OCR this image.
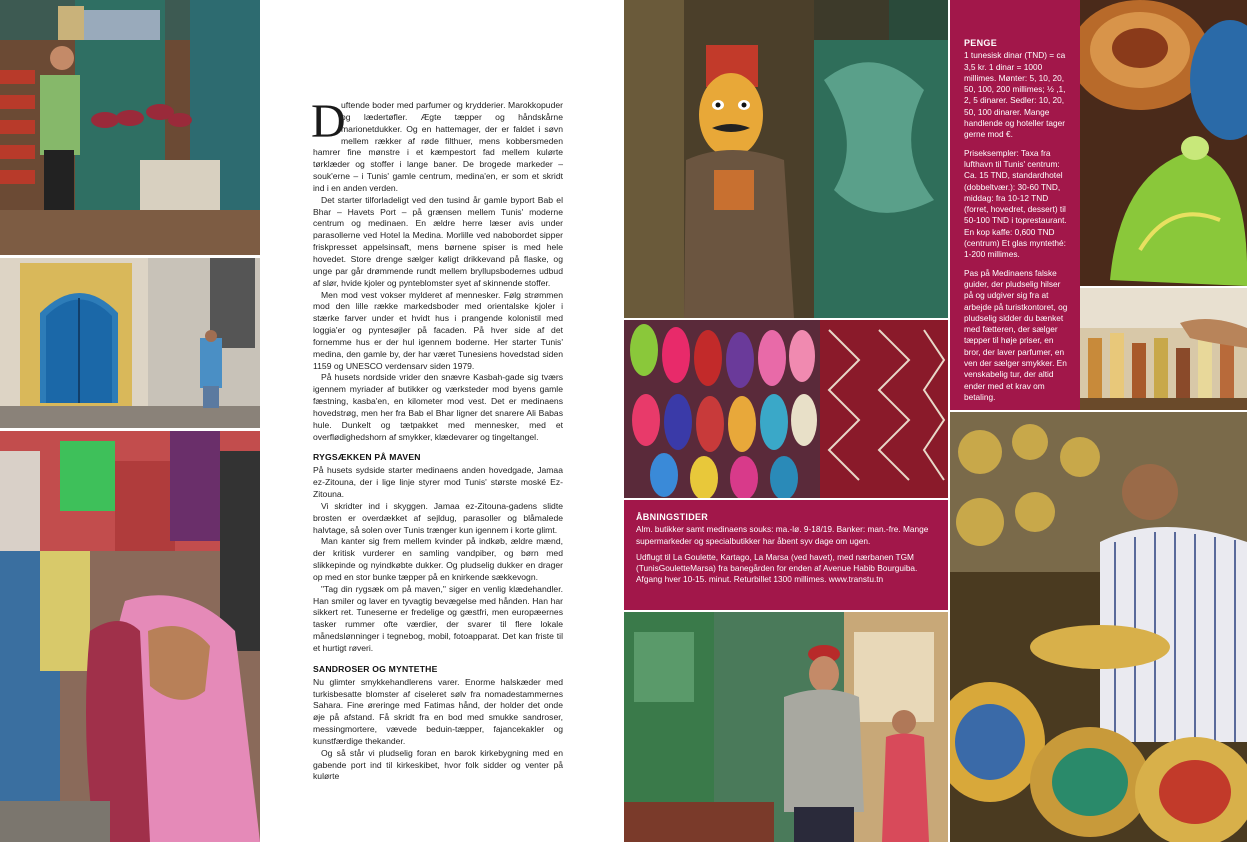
D
uftende boder med parfumer og krydderier. Marokkopuder og lædertøfler. Ægte tæpper og håndskårne marionetdukker. Og en hattemager, der er faldet i søvn mellem rækker af røde filthuer, mens kobbersmeden hamrer fine mønstre i et kæmpestort fad mellem kulørte tørklæder og stoffer i lange baner. De brogede markeder – souk'erne – i Tunis' gamle centrum, medina'en, er som et skridt ind i en anden verden.

Det starter tilforladeligt ved den tusind år gamle byport Bab el Bhar – Havets Port – på grænsen mellem Tunis' moderne centrum og medinaen. En ældre herre læser avis under parasollerne ved Hotel la Medina. Morlille ved nabobordet sipper friskpresset appelsinsaft, mens børnene spiser is med hele hovedet. Store drenge sælger køligt drikkevand på flaske, og unge par går drømmende rundt mellem bryllupsbodernes udbud af slør, hvide kjoler og pynteblomster syet af skinnende stoffer.

Men mod vest vokser mylderet af mennesker. Følg strømmen mod den lille række markedsboder med orientalske kjoler i stærke farver under et hvidt hus i prangende kolonistil med loggia'er og pyntesøjler på facaden. På hver side af det fornemme hus er der hul igennem boderne. Her starter Tunis' medina, den gamle by, der har været Tunesiens hovedstad siden 1159 og UNESCO verdensarv siden 1979.

På husets nordside vrider den snævre Kasbah-gade sig tværs igennem myriader af butikker og værksteder mod byens gamle fæstning, kasba'en, en kilometer mod vest. Det er medinaens hovedstrøg, men her fra Bab el Bhar ligner det snarere Ali Babas hule. Dunkelt og tætpakket med mennesker, med et overflødighedshorn af smykker, klædevarer og tingeltangel.

RYGSÆKKEN PÅ MAVEN

På husets sydside starter medinaens anden hovedgade, Jamaa ez-Zitouna, der i lige linje styrer mod Tunis' største moské Ez-Zitouna.

Vi skridter ind i skyggen. Jamaa ez-Zitouna-gadens slidte brosten er overdækket af sejldug, parasoller og blåmalede halvtage, så solen over Tunis trænger kun igennem i korte glimt.

Man kanter sig frem mellem kvinder på indkøb, ældre mænd, der kritisk vurderer en samling vandpiber, og børn med slikkepinde og nyindkøbte dukker. Og pludselig dukker en drager op med en stor bunke tæpper på en knirkende sækkevogn.

"Tag din rygsæk om på maven," siger en venlig klædehandler. Han smiler og laver en tyvagtig bevægelse med hånden. Han har sikkert ret. Tuneserne er fredelige og gæstfri, men europæernes tasker rummer ofte værdier, der svarer til flere lokale månedslønninger i tegnebog, mobil, fotoapparat. Det kan friste til et hurtigt røveri.

SANDROSER OG MYNTETHE

Nu glimter smykkehandlerens varer. Enorme halskæder med turkisbesatte blomster af ciseleret sølv fra nomadestammernes Sahara. Fine øreringe med Fatimas hånd, der holder det onde øje på afstand. Få skridt fra en bod med smukke sandroser, messingmortere, vævede beduin-tæpper, fajancekakler og kunstfærdige thekander.

Og så står vi pludselig foran en barok kirkebygning med en gabende port ind til kirkeskibet, hvor folk sidder og venter på kulørte

PENGE

1 tunesisk dinar (TND) = ca 3,5 kr. 1 dinar = 1000 millimes. Mønter: 5, 10, 20, 50, 100, 200 millimes; ½ ,1, 2, 5 dinarer. Sedler: 10, 20, 50, 100 dinarer. Mange handlende og hoteller tager gerne mod €.

Priseksempler: Taxa fra lufthavn til Tunis' centrum: Ca. 15 TND, standardhotel (dobbeltvær.): 30-60 TND, middag: fra 10-12 TND (forret, hovedret, dessert) til 50-100 TND i toprestaurant. En kop kaffe: 0,600 TND (centrum) Et glas myntethé: 1-200 millimes.

Pas på Medinaens falske guider, der pludselig hilser på og udgiver sig fra at arbejde på turistkontoret, og pludselig sidder du bænket med fætteren, der sælger tæpper til høje priser, en bror, der laver parfumer, en ven der sælger smykker. En venskabelig tur, der altid ender med et krav om betaling.

ÅBNINGSTIDER

Alm. butikker samt medinaens souks: ma.-lø. 9-18/19. Banker: man.-fre. Mange supermarkeder og specialbutikker har åbent syv dage om ugen.

Udflugt til La Goulette, Kartago, La Marsa (ved havet), med nærbanen TGM (TunisGouletteMarsa) fra banegården for enden af Avenue Habib Bourguiba. Afgang hver 10-15. minut. Returbillet 1300 millimes. www.transtu.tn
